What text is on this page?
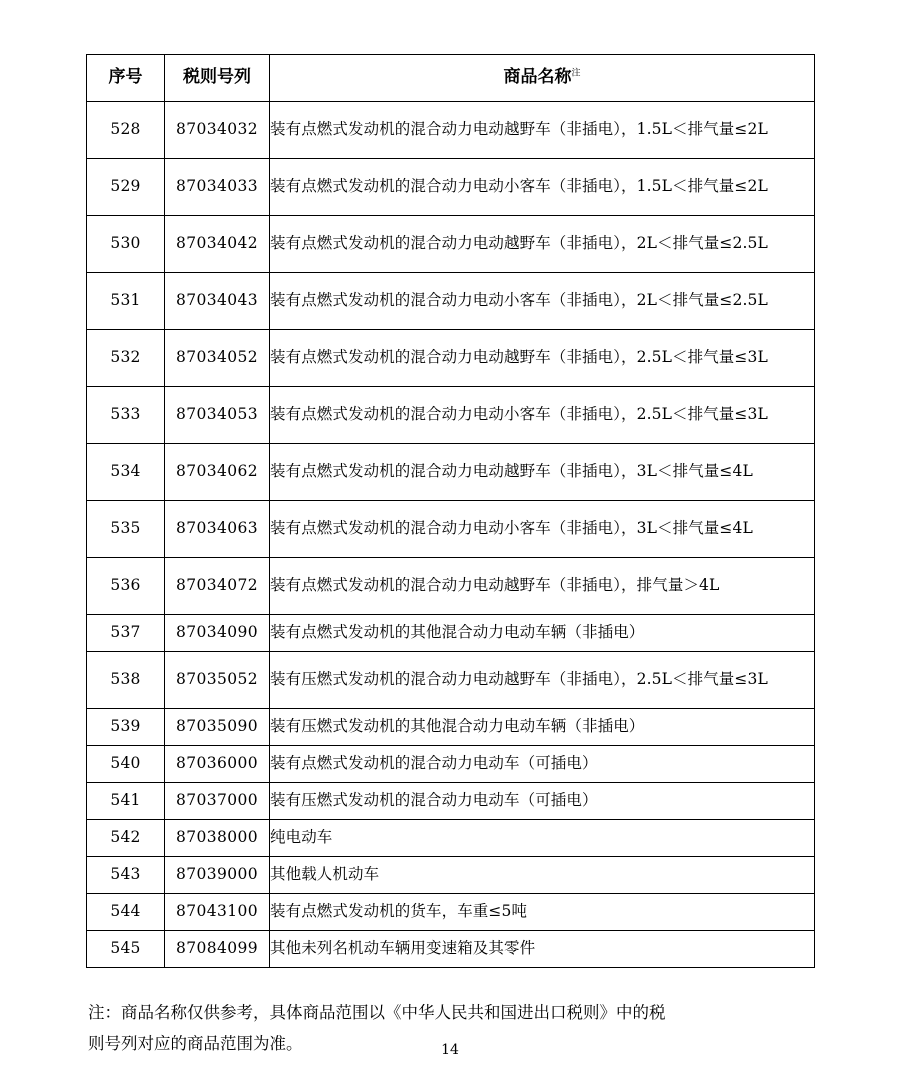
序号	税则号列	商品名称$^注$
528	87034032	装有点燃式发动机的混合动力电动越野车（非插电），1.5L＜排气量≤2L
529	87034033	装有点燃式发动机的混合动力电动小客车（非插电），1.5L＜排气量≤2L
530	87034042	装有点燃式发动机的混合动力电动越野车（非插电），2L＜排气量≤2.5L
531	87034043	装有点燃式发动机的混合动力电动小客车（非插电），2L＜排气量≤2.5L
532	87034052	装有点燃式发动机的混合动力电动越野车（非插电），2.5L＜排气量≤3L
533	87034053	装有点燃式发动机的混合动力电动小客车（非插电），2.5L＜排气量≤3L
534	87034062	装有点燃式发动机的混合动力电动越野车（非插电），3L＜排气量≤4L
535	87034063	装有点燃式发动机的混合动力电动小客车（非插电），3L＜排气量≤4L
536	87034072	装有点燃式发动机的混合动力电动越野车（非插电），排气量＞4L
537	87034090	装有点燃式发动机的其他混合动力电动车辆（非插电）
538	87035052	装有压燃式发动机的混合动力电动越野车（非插电），2.5L＜排气量≤3L
539	87035090	装有压燃式发动机的其他混合动力电动车辆（非插电）
540	87036000	装有点燃式发动机的混合动力电动车（可插电）
541	87037000	装有压燃式发动机的混合动力电动车（可插电）
542	87038000	纯电动车
543	87039000	其他载人机动车
544	87043100	装有点燃式发动机的货车，车重≤5吨
545	87084099	其他未列名机动车辆用变速箱及其零件
注：商品名称仅供参考，具体商品范围以《中华人民共和国进出口税则》中的税
则号列对应的商品范围为准。	14
